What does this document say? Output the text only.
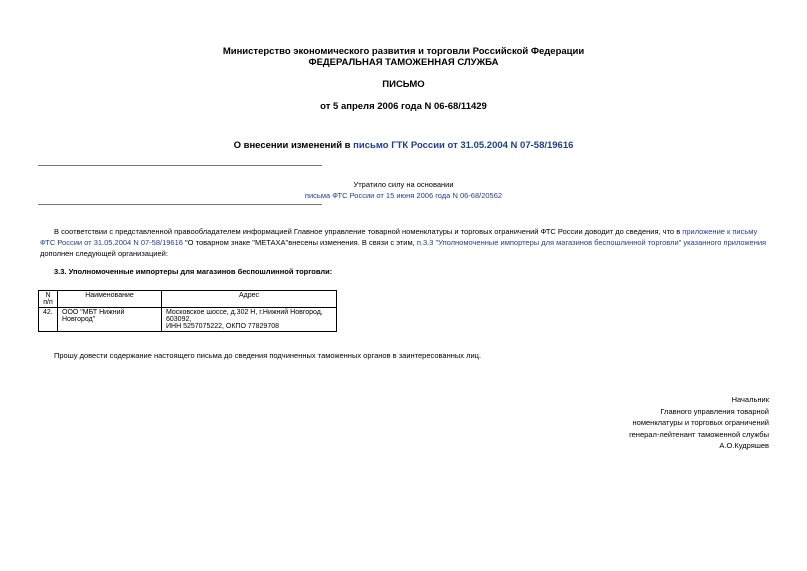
Министерство экономического развития и торговли Российской Федерации
ФЕДЕРАЛЬНАЯ ТАМОЖЕННАЯ СЛУЖБА
ПИСЬМО
от 5 апреля 2006 года N 06-68/11429
О внесении изменений в письмо ГТК России от 31.05.2004 N 07-58/19616
Утратило силу на основании
письма ФТС России от 15 июня 2006 года N 06-68/20562
В соответствии с представленной правообладателем информацией Главное управление товарной номенклатуры и торговых ограничений ФТС России доводит до сведения, что в приложение к письму ФТС России от 31.05.2004 N 07-58/19616 "О товарном знаке "МЕТАХА"внесены изменения. В связи с этим, п.3.3 "Уполномоченные импортеры для магазинов беспошлинной торговли" указанного приложения дополнен следующей организацией:
3.3. Уполномоченные импортеры для магазинов беспошлинной торговли:
N
п/п	Наименование	Адрес
42.	ООО "МБТ Нижний Новгород"	Московское шоссе, д.302 Н, г.Нижний Новгород,
603092,
ИНН 5257075222, ОКПО 77829708
Прошу довести содержание настоящего письма до сведения подчиненных таможенных органов в заинтересованных лиц.
Начальник
Главного управления товарной
номенклатуры и торговых ограничений
генерал-лейтенант таможенной службы
А.О.Кудряшев
